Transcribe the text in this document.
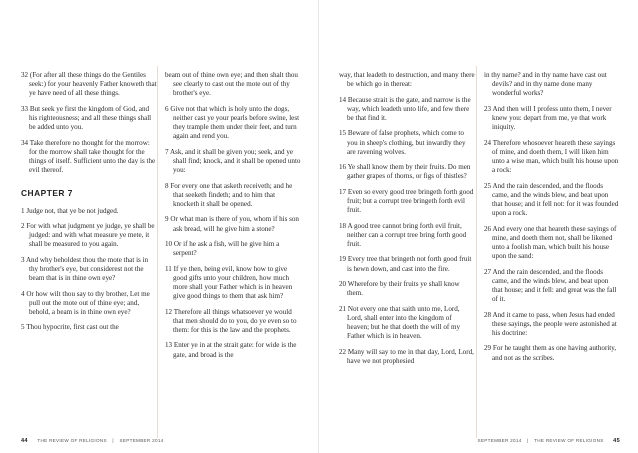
32 (For after all these things do the Gentiles seek:) for your heavenly Father knoweth that ye have need of all these things.

33 But seek ye first the kingdom of God, and his righteousness; and all these things shall be added unto you.

34 Take therefore no thought for the morrow: for the morrow shall take thought for the things of itself. Sufficient unto the day is the evil thereof.

CHAPTER 7

1 Judge not, that ye be not judged.

2 For with what judgment ye judge, ye shall be judged: and with what measure ye mete, it shall be measured to you again.

3 And why beholdest thou the mote that is in thy brother's eye, but considerest not the beam that is in thine own eye?

4 Or how wilt thou say to thy brother, Let me pull out the mote out of thine eye; and, behold, a beam is in thine own eye?

5 Thou hypocrite, first cast out the

beam out of thine own eye; and then shalt thou see clearly to cast out the mote out of thy brother's eye.

6 Give not that which is holy unto the dogs, neither cast ye your pearls before swine, lest they trample them under their feet, and turn again and rend you.

7 Ask, and it shall be given you; seek, and ye shall find; knock, and it shall be opened unto you:

8 For every one that asketh receiveth; and he that seeketh findeth; and to him that knocketh it shall be opened.

9 Or what man is there of you, whom if his son ask bread, will he give him a stone?

10 Or if he ask a fish, will he give him a serpent?

11 If ye then, being evil, know how to give good gifts unto your children, how much more shall your Father which is in heaven give good things to them that ask him?

12 Therefore all things whatsoever ye would that men should do to you, do ye even so to them: for this is the law and the prophets.

13 Enter ye in at the strait gate: for wide is the gate, and broad is the

44 THE REVIEW OF RELIGIONS | SEPTEMBER 2014

way, that leadeth to destruction, and many there be which go in thereat:

14 Because strait is the gate, and narrow is the way, which leadeth unto life, and few there be that find it.

15 Beware of false prophets, which come to you in sheep's clothing, but inwardly they are ravening wolves.

16 Ye shall know them by their fruits. Do men gather grapes of thorns, or figs of thistles?

17 Even so every good tree bringeth forth good fruit; but a corrupt tree bringeth forth evil fruit.

18 A good tree cannot bring forth evil fruit, neither can a corrupt tree bring forth good fruit.

19 Every tree that bringeth not forth good fruit is hewn down, and cast into the fire.

20 Wherefore by their fruits ye shall know them.

21 Not every one that saith unto me, Lord, Lord, shall enter into the kingdom of heaven; but he that doeth the will of my Father which is in heaven.

22 Many will say to me in that day, Lord, Lord, have we not prophesied

in thy name? and in thy name have cast out devils? and in thy name done many wonderful works?

23 And then will I profess unto them, I never knew you: depart from me, ye that work iniquity.

24 Therefore whosoever heareth these sayings of mine, and doeth them, I will liken him unto a wise man, which built his house upon a rock:

25 And the rain descended, and the floods came, and the winds blew, and beat upon that house; and it fell not: for it was founded upon a rock.

26 And every one that heareth these sayings of mine, and doeth them not, shall be likened unto a foolish man, which built his house upon the sand:

27 And the rain descended, and the floods came, and the winds blew, and beat upon that house; and it fell: and great was the fall of it.

28 And it came to pass, when Jesus had ended these sayings, the people were astonished at his doctrine:

29 For he taught them as one having authority, and not as the scribes.

SEPTEMBER 2014 | THE REVIEW OF RELIGIONS 45
